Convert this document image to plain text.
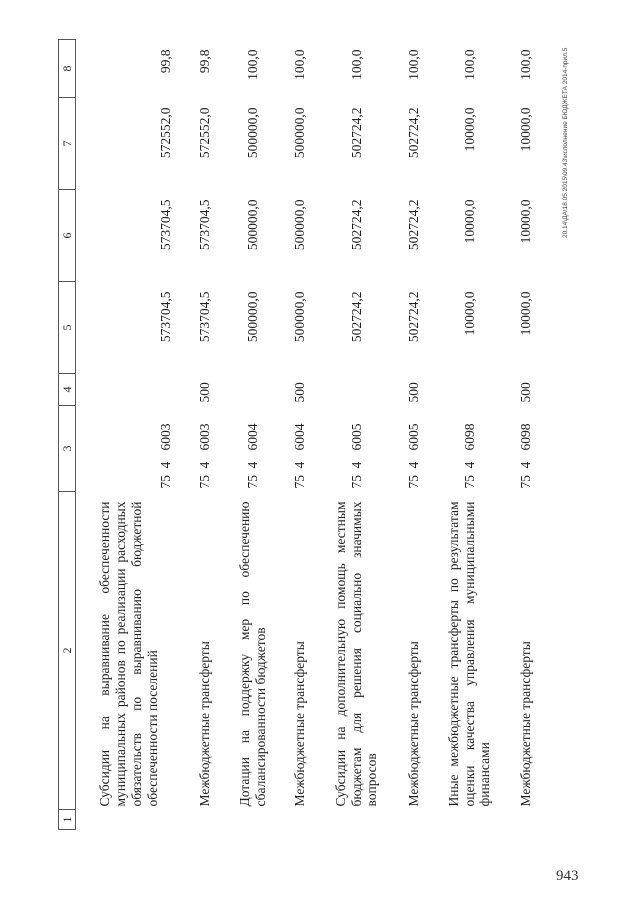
1	2	3	4	5	6	7	8

	Субсидии на выравнивание обеспеченности муниципальных районов по реализации расходных обязательств по выравниванию бюджетной обеспеченности поселений	7546003		573704,5	573704,5	572552,0	99,8

	Межбюджетные трансферты	7546003	500	573704,5	573704,5	572552,0	99,8

	Дотации на поддержку мер по обеспечению сбалансированности бюджетов	7546004		500000,0	500000,0	500000,0	100,0

	Межбюджетные трансферты	7546004	500	500000,0	500000,0	500000,0	100,0

	Субсидии на дополнительную помощь местным бюджетам для решения социально значимых вопросов	7546005		502724,2	502724,2	502724,2	100,0

	Межбюджетные трансферты	7546005	500	502724,2	502724,2	502724,2	100,0

	Иные межбюджетные трансферты по результатам оценки качества управления муниципальными финансами	7546098		10000,0	10000,0	10000,0	100,0

	Межбюджетные трансферты	7546098	500	10000,0	10000,0	10000,0	100,0	20.14\ДА\18.05.2015\09.43\исполнение БЮДЖЕТА 2014-прил.5
943
